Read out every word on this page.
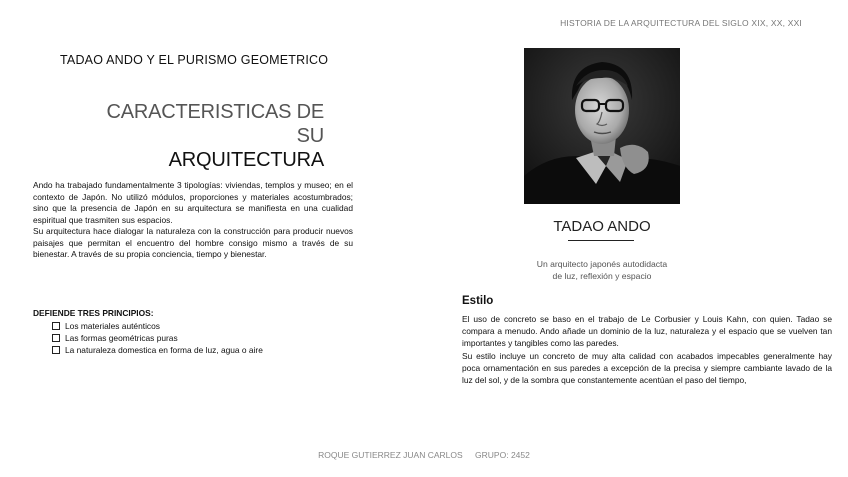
HISTORIA DE LA ARQUITECTURA DEL SIGLO XIX, XX, XXI
TADAO ANDO Y EL PURISMO GEOMETRICO
CARACTERISTICAS DE SU
ARQUITECTURA

Ando ha trabajado fundamentalmente 3 tipologías: viviendas, templos y museo; en el contexto de Japón. No utilizó módulos, proporciones y materiales acostumbrados; sino que la presencia de Japón en su arquitectura se manifiesta en una cualidad espiritual que trasmiten sus espacios.

Su arquitectura hace dialogar la naturaleza con la construcción para producir nuevos paisajes que permitan el encuentro del hombre consigo mismo a través de su bienestar. A través de su propia conciencia, tiempo y bienestar.

DEFIENDE TRES PRINCIPIOS:
Los materiales auténticos
Las formas geométricas puras
La naturaleza domestica en forma de luz, agua o aire
TADAO ANDO
Un arquitecto japonés autodidacta
de luz, reflexión y espacio
Estilo

El uso de concreto se baso en el trabajo de Le Corbusier y Louis Kahn, con quien. Tadao se compara a menudo. Ando añade un dominio de la luz, naturaleza y el espacio que se vuelven tan importantes y tangibles como las paredes.

Su estilo incluye un concreto de muy alta calidad con acabados impecables generalmente hay poca ornamentación en sus paredes a excepción de la precisa y siempre cambiante lavado de la luz del sol, y de la sombra que constantemente acentúan el paso del tiempo,

ROQUE GUTIERREZ JUAN CARLOS GRUPO: 2452
